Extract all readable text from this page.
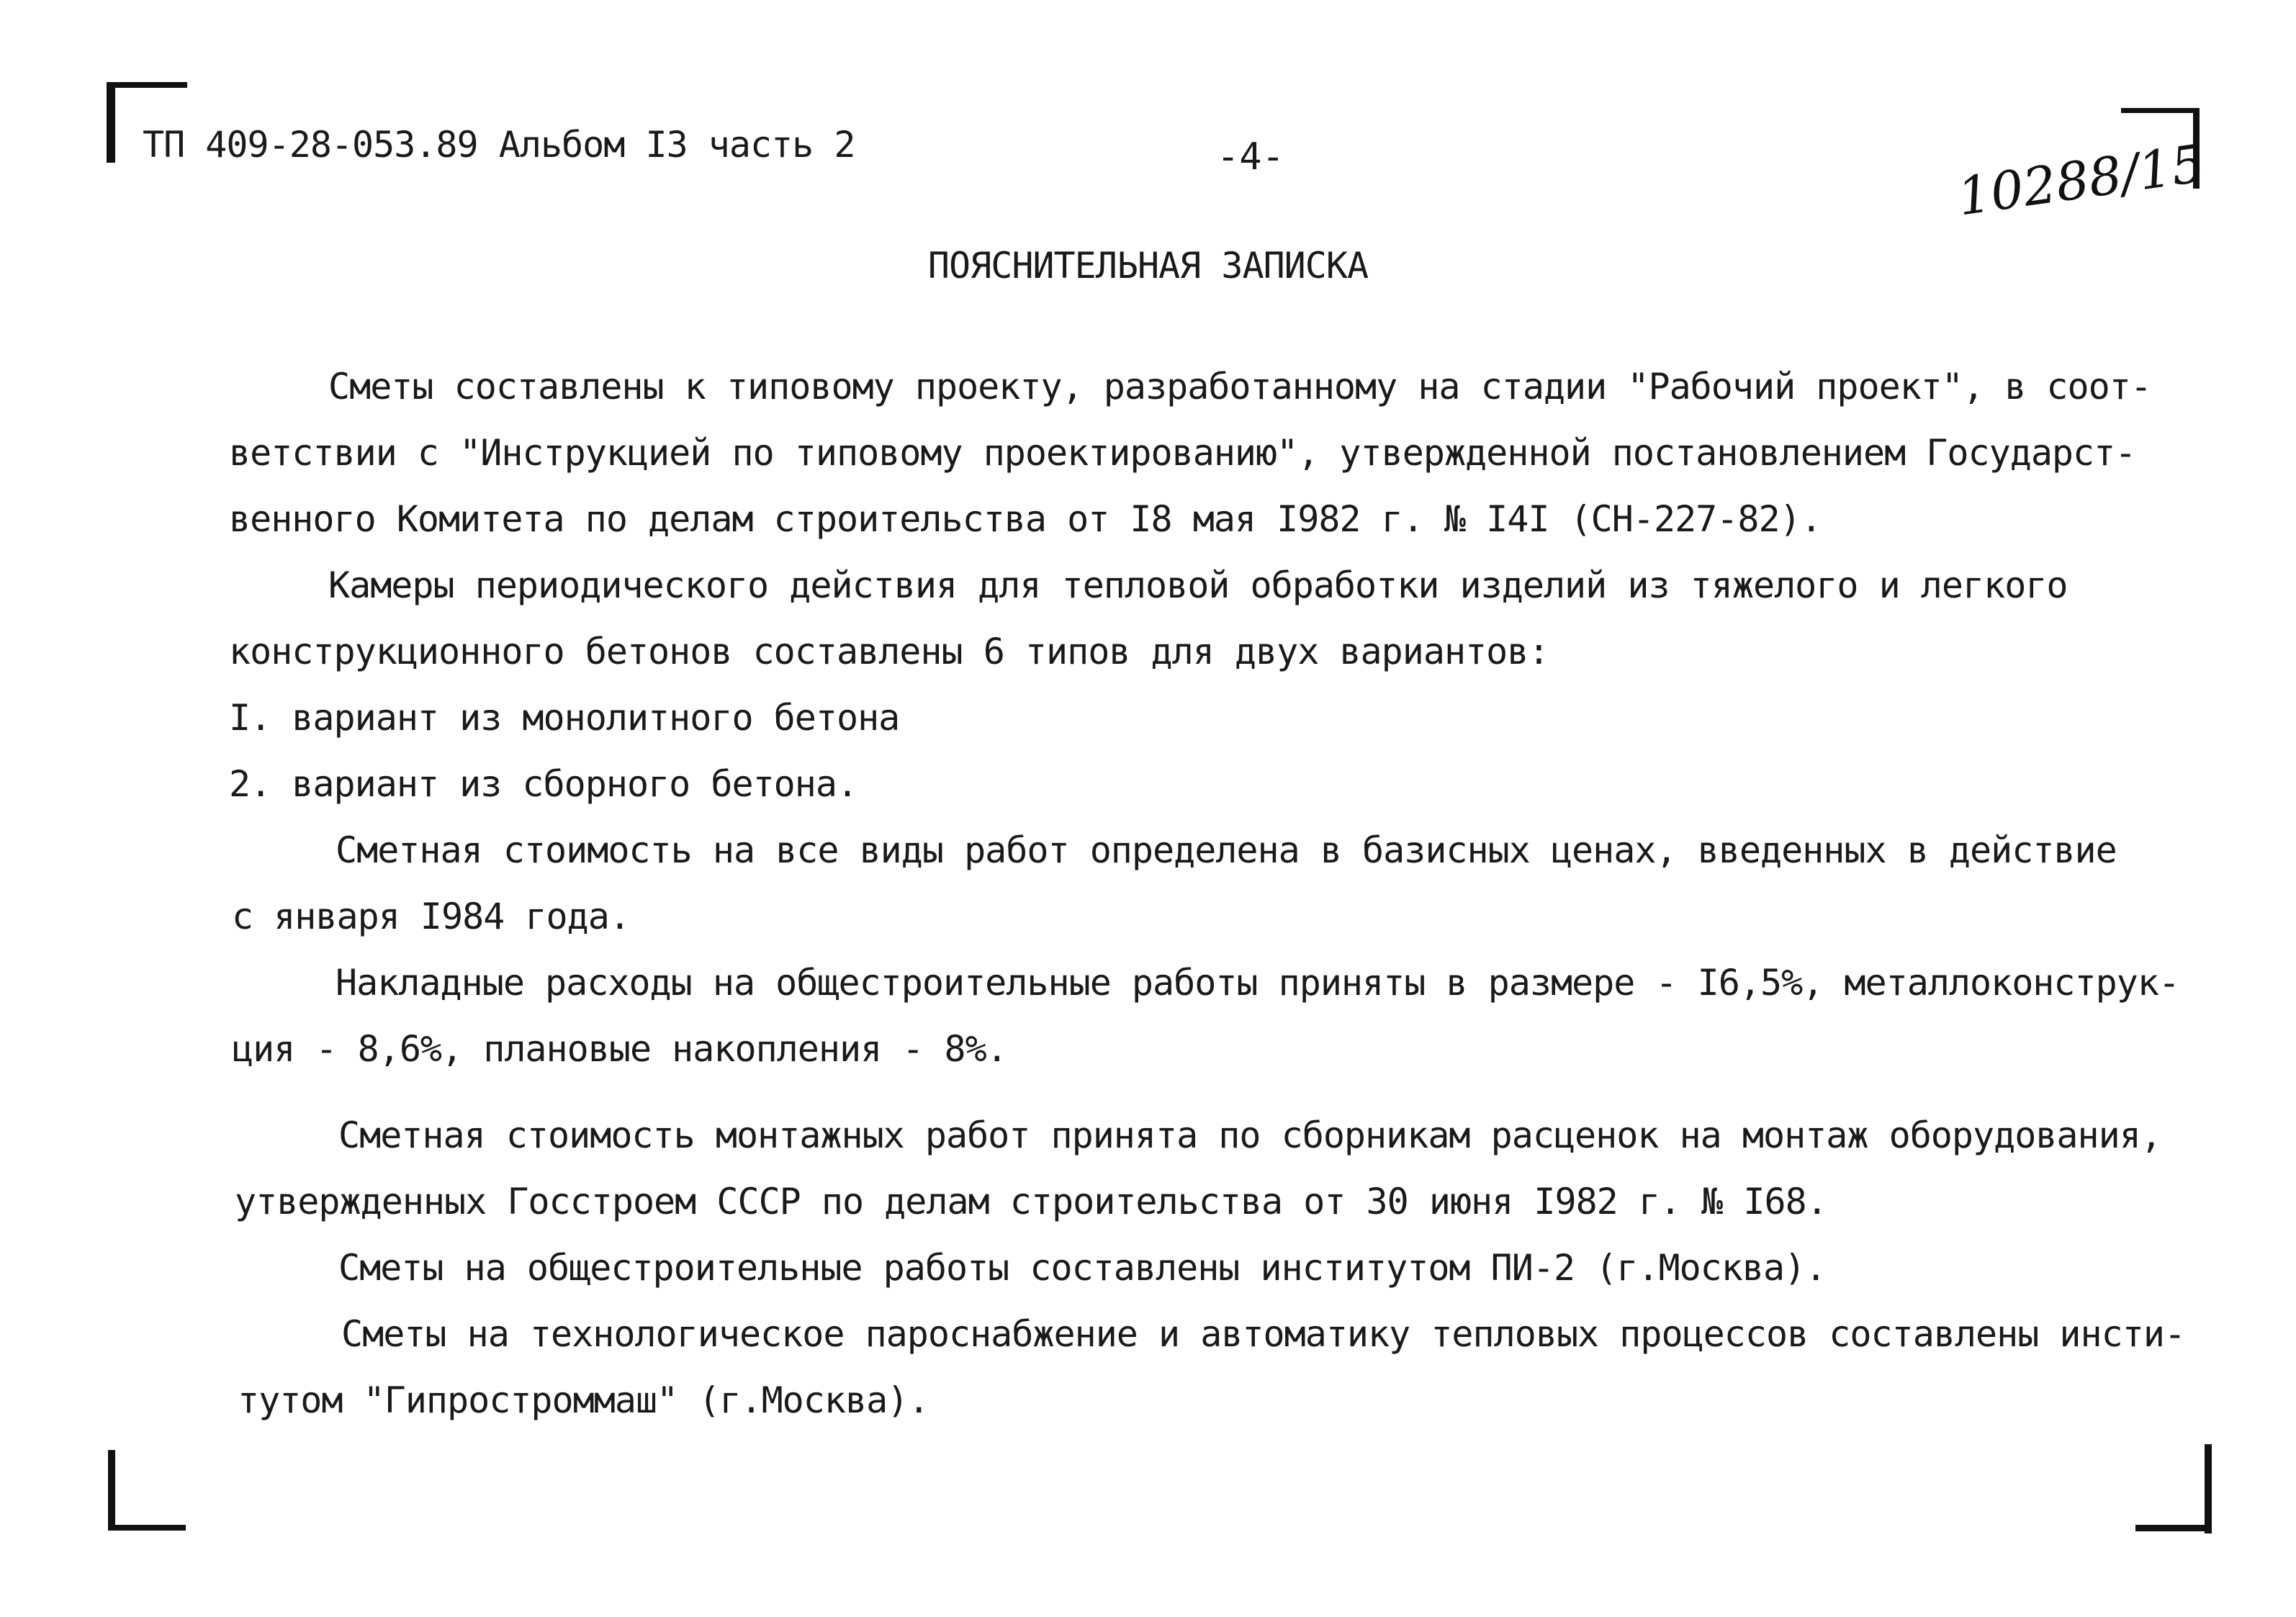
ТП 409-28-053.89 Альбом I3 часть 2	-4-	10288/15
ПОЯСНИТЕЛЬНАЯ ЗАПИСКА
Сметы составлены к типовому проекту, разработанному на стадии "Рабочий проект", в соот-
ветствии с "Инструкцией по типовому проектированию", утвержденной постановлением Государст-
венного Комитета по делам строительства от I8 мая I982 г. № I4I (СН-227-82).
Камеры периодического действия для тепловой обработки изделий из тяжелого и легкого
конструкционного бетонов составлены 6 типов для двух вариантов:
I. вариант из монолитного бетона
2. вариант из сборного бетона.
Сметная стоимость на все виды работ определена в базисных ценах, введенных в действие
с января I984 года.
Накладные расходы на общестроительные работы приняты в размере - I6,5%, металлоконструк-
ция - 8,6%, плановые накопления - 8%.
Сметная стоимость монтажных работ принята по сборникам расценок на монтаж оборудования,
утвержденных Госстроем СССР по делам строительства от 30 июня I982 г. № I68.
Сметы на общестроительные работы составлены институтом ПИ-2 (г.Москва).
Сметы на технологическое пароснабжение и автоматику тепловых процессов составлены инсти-
тутом "Гипростроммаш" (г.Москва).
